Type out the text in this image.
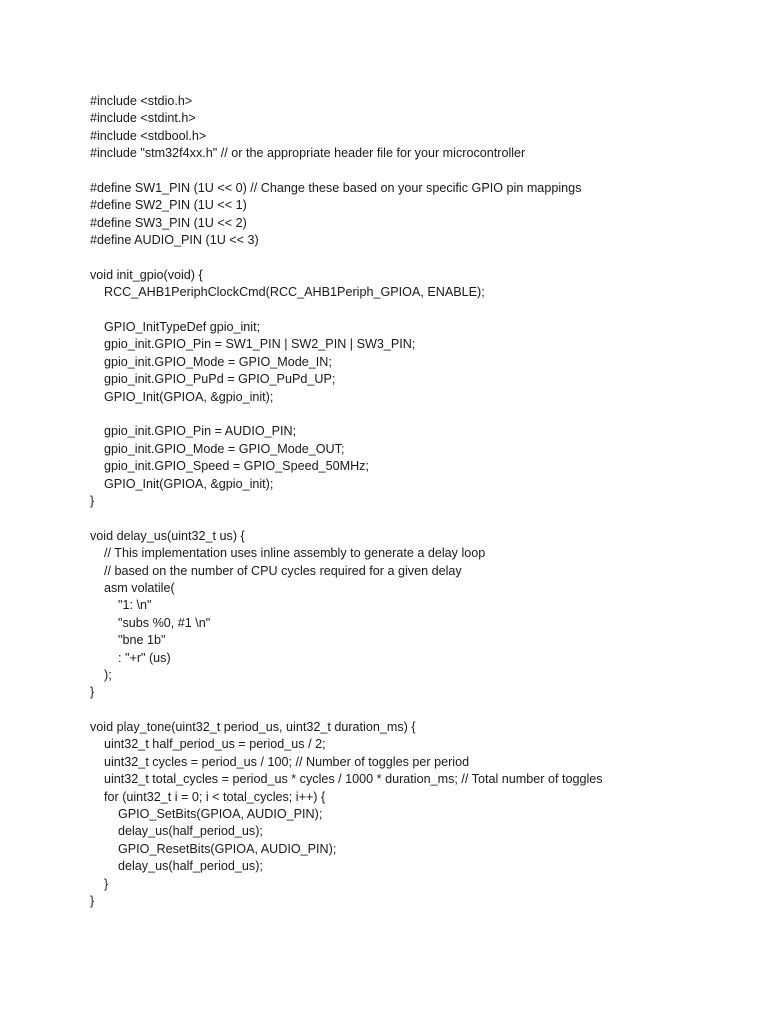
#include <stdio.h>
#include <stdint.h>
#include <stdbool.h>
#include "stm32f4xx.h" // or the appropriate header file for your microcontroller
#define SW1_PIN (1U << 0) // Change these based on your specific GPIO pin mappings
#define SW2_PIN (1U << 1)
#define SW3_PIN (1U << 2)
#define AUDIO_PIN (1U << 3)
void init_gpio(void) {
RCC_AHB1PeriphClockCmd(RCC_AHB1Periph_GPIOA, ENABLE);
GPIO_InitTypeDef gpio_init;
gpio_init.GPIO_Pin = SW1_PIN | SW2_PIN | SW3_PIN;
gpio_init.GPIO_Mode = GPIO_Mode_IN;
gpio_init.GPIO_PuPd = GPIO_PuPd_UP;
GPIO_Init(GPIOA, &gpio_init);
gpio_init.GPIO_Pin = AUDIO_PIN;
gpio_init.GPIO_Mode = GPIO_Mode_OUT;
gpio_init.GPIO_Speed = GPIO_Speed_50MHz;
GPIO_Init(GPIOA, &gpio_init);
}
void delay_us(uint32_t us) {
// This implementation uses inline assembly to generate a delay loop
// based on the number of CPU cycles required for a given delay
asm volatile(
"1: \n"
"subs %0, #1 \n"
"bne 1b"
: "+r" (us)
);
}
void play_tone(uint32_t period_us, uint32_t duration_ms) {
uint32_t half_period_us = period_us / 2;
uint32_t cycles = period_us / 100; // Number of toggles per period
uint32_t total_cycles = period_us * cycles / 1000 * duration_ms; // Total number of toggles
for (uint32_t i = 0; i < total_cycles; i++) {
GPIO_SetBits(GPIOA, AUDIO_PIN);
delay_us(half_period_us);
GPIO_ResetBits(GPIOA, AUDIO_PIN);
delay_us(half_period_us);
}
}
